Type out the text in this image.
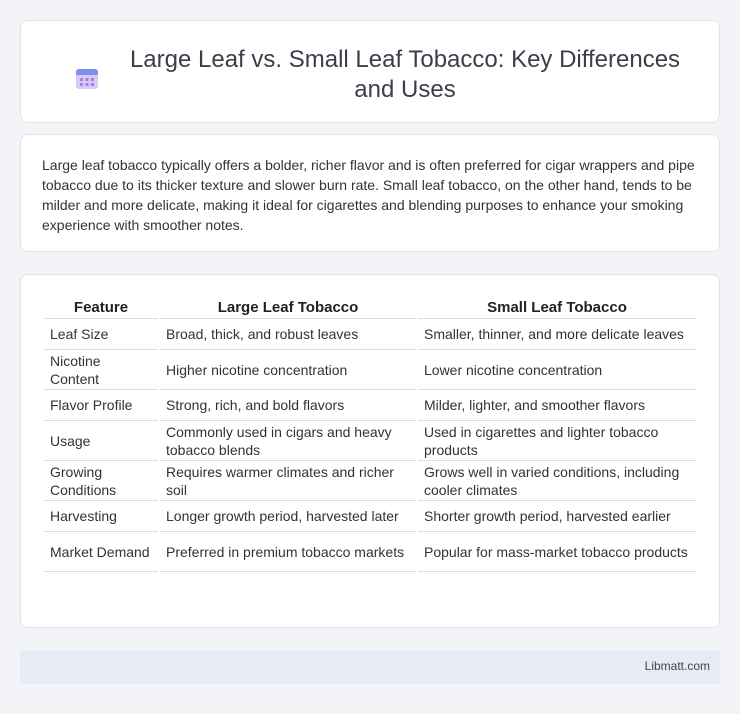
Large Leaf vs. Small Leaf Tobacco: Key Differences and Uses

Large leaf tobacco typically offers a bolder, richer flavor and is often preferred for cigar wrappers and pipe tobacco due to its thicker texture and slower burn rate. Small leaf tobacco, on the other hand, tends to be milder and more delicate, making it ideal for cigarettes and blending purposes to enhance your smoking experience with smoother notes.

Feature	Large Leaf Tobacco	Small Leaf Tobacco
Leaf Size	Broad, thick, and robust leaves	Smaller, thinner, and more delicate leaves
Nicotine Content	Higher nicotine concentration	Lower nicotine concentration
Flavor Profile	Strong, rich, and bold flavors	Milder, lighter, and smoother flavors
Usage	Commonly used in cigars and heavy tobacco blends	Used in cigarettes and lighter tobacco products
Growing Conditions	Requires warmer climates and richer soil	Grows well in varied conditions, including cooler climates
Harvesting	Longer growth period, harvested later	Shorter growth period, harvested earlier
Market Demand	Preferred in premium tobacco markets	Popular for mass-market tobacco products
Libmatt.com
